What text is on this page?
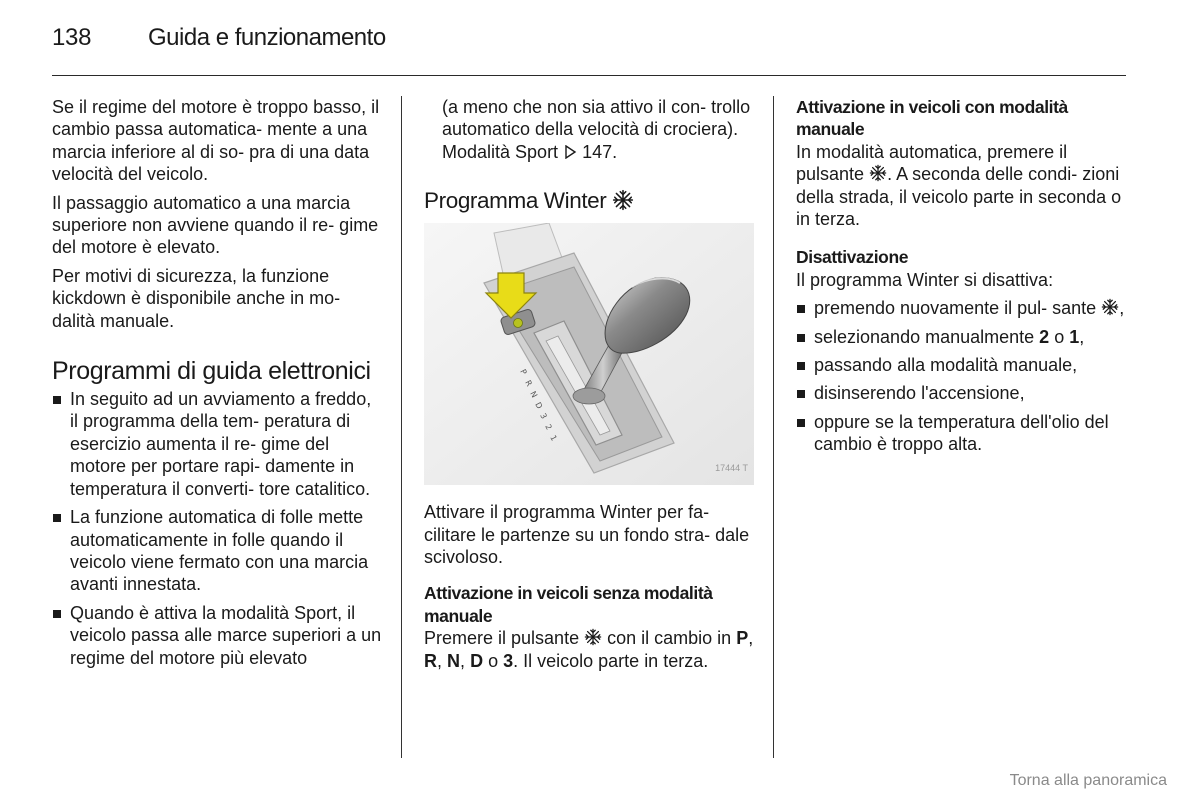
138 Guida e funzionamento

Se il regime del motore è troppo basso, il cambio passa automatica- mente a una marcia inferiore al di so- pra di una data velocità del veicolo.

Il passaggio automatico a una marcia superiore non avviene quando il re- gime del motore è elevato.

Per motivi di sicurezza, la funzione kickdown è disponibile anche in mo- dalità manuale.

Programmi di guida elettronici
In seguito ad un avviamento a freddo, il programma della tem- peratura di esercizio aumenta il re- gime del motore per portare rapi- damente in temperatura il converti- tore catalitico.
La funzione automatica di folle mette automaticamente in folle quando il veicolo viene fermato con una marcia avanti innestata.
Quando è attiva la modalità Sport, il veicolo passa alle marce superiori a un regime del motore più elevato

(a meno che non sia attivo il con- trollo automatico della velocità di crociera). Modalità Sport 147.

Programma Winter
P
R
N
D
3
2
1
17444 T

Attivare il programma Winter per fa- cilitare le partenze su un fondo stra- dale scivoloso.

Attivazione in veicoli senza modalità manuale

Premere il pulsante con il cambio in P, R, N, D o 3. Il veicolo parte in terza.

Attivazione in veicoli con modalità manuale

In modalità automatica, premere il pulsante . A seconda delle condi- zioni della strada, il veicolo parte in seconda o in terza.

Disattivazione

Il programma Winter si disattiva:

premendo nuovamente il pul- sante ,
selezionando manualmente 2 o 1,
passando alla modalità manuale,
disinserendo l'accensione,
oppure se la temperatura dell'olio del cambio è troppo alta.
Torna alla panoramica
